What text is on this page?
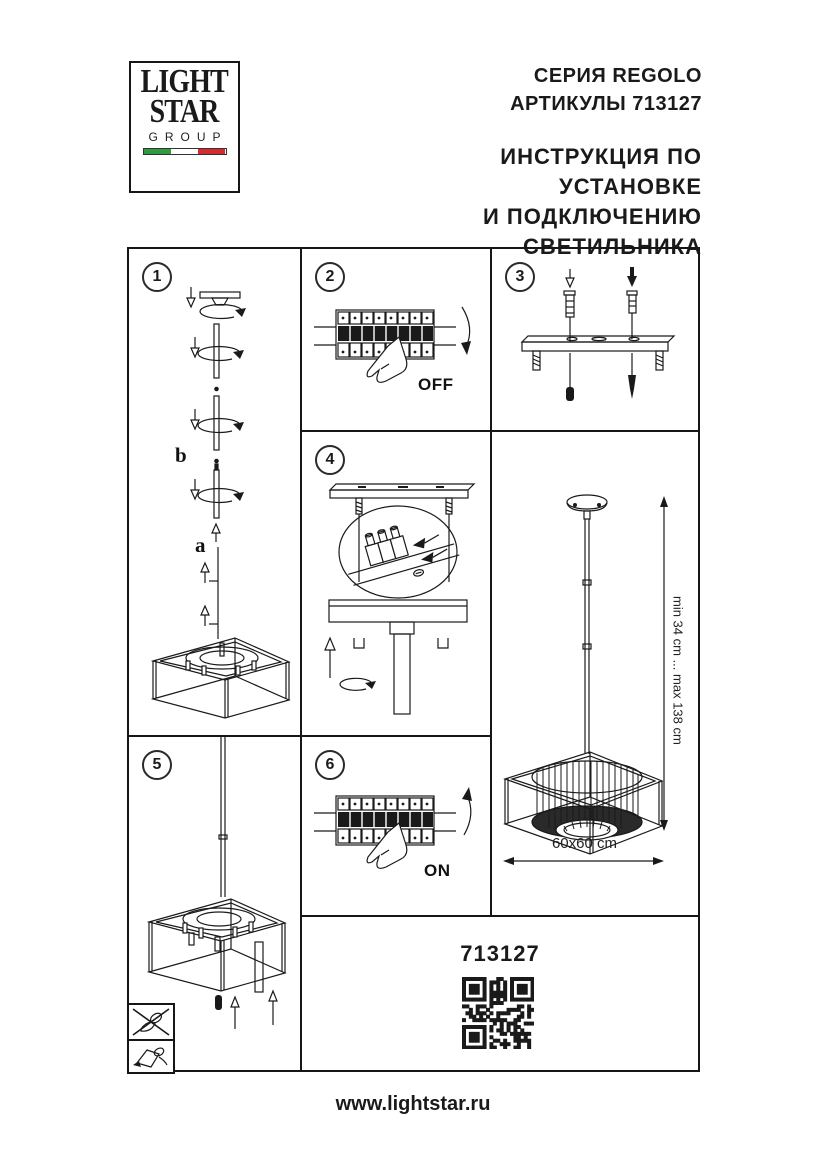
LIGHT
STAR
GROUP
СЕРИЯ REGOLO
АРТИКУЛЫ 713127
ИНСТРУКЦИЯ ПО УСТАНОВКЕ
И ПОДКЛЮЧЕНИЮ СВЕТИЛЬНИКА
1
b
a
2
OFF
3
4
min 34 cm ... max 138 cm
60x60 cm
5	6
ON
713127
www.lightstar.ru
